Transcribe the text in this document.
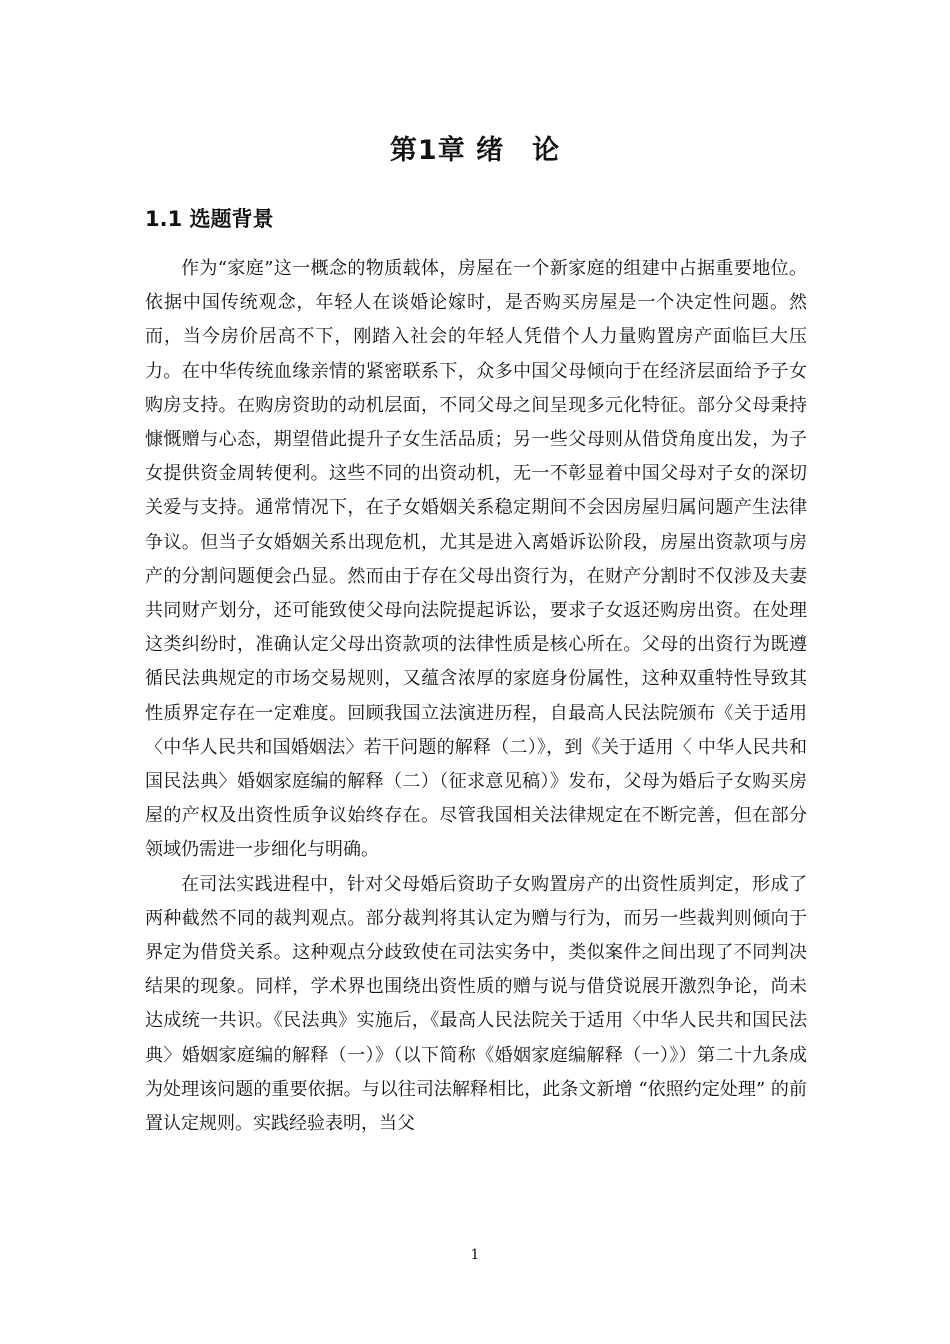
第1章 绪　论
1.1 选题背景

作为“家庭”这一概念的物质载体，房屋在一个新家庭的组建中占据重要地位。依据中国传统观念，年轻人在谈婚论嫁时，是否购买房屋是一个决定性问题。然而，当今房价居高不下，刚踏入社会的年轻人凭借个人力量购置房产面临巨大压力。在中华传统血缘亲情的紧密联系下，众多中国父母倾向于在经济层面给予子女购房支持。在购房资助的动机层面，不同父母之间呈现多元化特征。部分父母秉持慷慨赠与心态，期望借此提升子女生活品质；另一些父母则从借贷角度出发，为子女提供资金周转便利。这些不同的出资动机，无一不彰显着中国父母对子女的深切关爱与支持。通常情况下，在子女婚姻关系稳定期间不会因房屋归属问题产生法律争议。但当子女婚姻关系出现危机，尤其是进入离婚诉讼阶段，房屋出资款项与房产的分割问题便会凸显。然而由于存在父母出资行为，在财产分割时不仅涉及夫妻共同财产划分，还可能致使父母向法院提起诉讼，要求子女返还购房出资。在处理这类纠纷时，准确认定父母出资款项的法律性质是核心所在。父母的出资行为既遵循民法典规定的市场交易规则，又蕴含浓厚的家庭身份属性，这种双重特性导致其性质界定存在一定难度。回顾我国立法演进历程，自最高人民法院颁布《关于适用〈中华人民共和国婚姻法〉若干问题的解释（二）》，到《关于适用〈 中华人民共和国民法典〉婚姻家庭编的解释（二）（征求意见稿）》发布，父母为婚后子女购买房屋的产权及出资性质争议始终存在。尽管我国相关法律规定在不断完善，但在部分领域仍需进一步细化与明确。

在司法实践进程中，针对父母婚后资助子女购置房产的出资性质判定，形成了两种截然不同的裁判观点。部分裁判将其认定为赠与行为，而另一些裁判则倾向于界定为借贷关系。这种观点分歧致使在司法实务中，类似案件之间出现了不同判决结果的现象。同样，学术界也围绕出资性质的赠与说与借贷说展开激烈争论，尚未达成统一共识。《民法典》实施后，《最高人民法院关于适用〈中华人民共和国民法典〉婚姻家庭编的解释（一）》（以下简称《婚姻家庭编解释（一）》）第二十九条成为处理该问题的重要依据。与以往司法解释相比，此条文新增 “依照约定处理” 的前置认定规则。实践经验表明，当父

1
